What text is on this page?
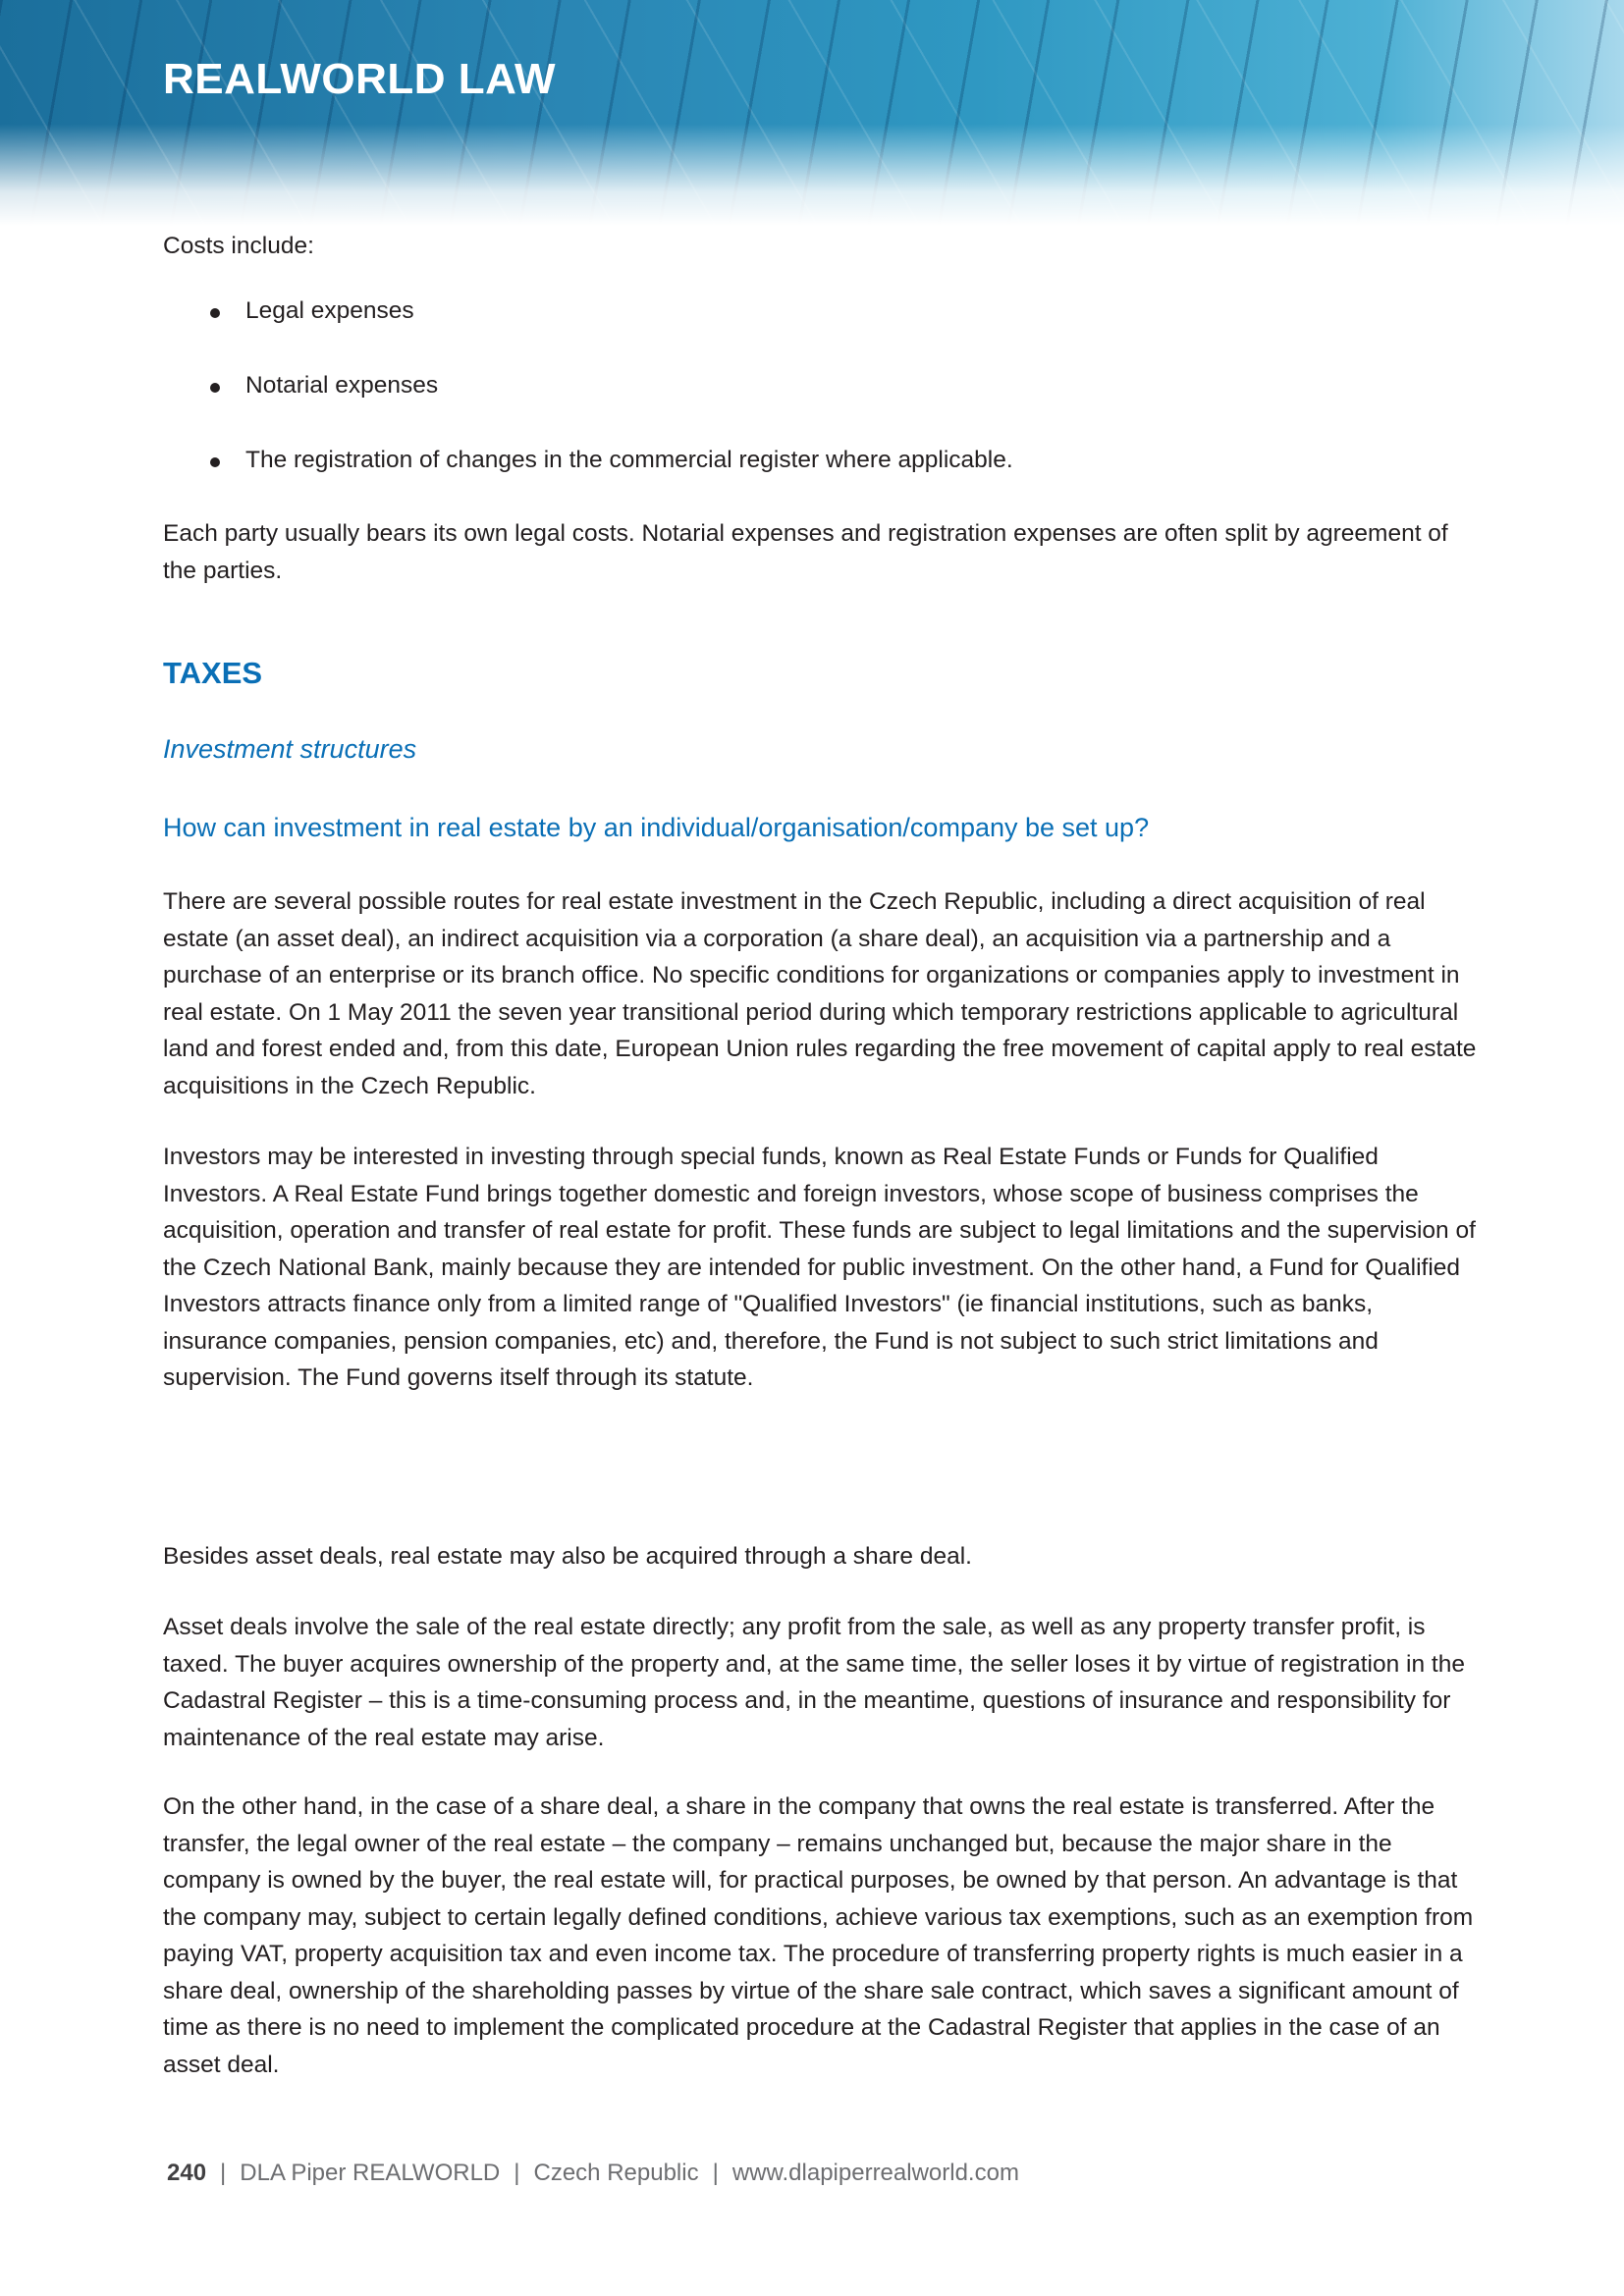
REALWORLD LAW
Costs include:
Legal expenses
Notarial expenses
The registration of changes in the commercial register where applicable.
Each party usually bears its own legal costs. Notarial expenses and registration expenses are often split by agreement of the parties.
TAXES
Investment structures
How can investment in real estate by an individual/organisation/company be set up?
There are several possible routes for real estate investment in the Czech Republic, including a direct acquisition of real estate (an asset deal), an indirect acquisition via a corporation (a share deal), an acquisition via a partnership and a purchase of an enterprise or its branch office. No specific conditions for organizations or companies apply to investment in real estate. On 1 May 2011 the seven year transitional period during which temporary restrictions applicable to agricultural land and forest ended and, from this date, European Union rules regarding the free movement of capital apply to real estate acquisitions in the Czech Republic.
Investors may be interested in investing through special funds, known as Real Estate Funds or Funds for Qualified Investors. A Real Estate Fund brings together domestic and foreign investors, whose scope of business comprises the acquisition, operation and transfer of real estate for profit. These funds are subject to legal limitations and the supervision of the Czech National Bank, mainly because they are intended for public investment. On the other hand, a Fund for Qualified Investors attracts finance only from a limited range of "Qualified Investors" (ie financial institutions, such as banks, insurance companies, pension companies, etc) and, therefore, the Fund is not subject to such strict limitations and supervision. The Fund governs itself through its statute.
Besides asset deals, real estate may also be acquired through a share deal.
Asset deals involve the sale of the real estate directly; any profit from the sale, as well as any property transfer profit, is taxed. The buyer acquires ownership of the property and, at the same time, the seller loses it by virtue of registration in the Cadastral Register – this is a time-consuming process and, in the meantime, questions of insurance and responsibility for maintenance of the real estate may arise.
On the other hand, in the case of a share deal, a share in the company that owns the real estate is transferred. After the transfer, the legal owner of the real estate – the company – remains unchanged but, because the major share in the company is owned by the buyer, the real estate will, for practical purposes, be owned by that person. An advantage is that the company may, subject to certain legally defined conditions, achieve various tax exemptions, such as an exemption from paying VAT, property acquisition tax and even income tax. The procedure of transferring property rights is much easier in a share deal, ownership of the shareholding passes by virtue of the share sale contract, which saves a significant amount of time as there is no need to implement the complicated procedure at the Cadastral Register that applies in the case of an asset deal.
240 | DLA Piper REALWORLD | Czech Republic | www.dlapiperrealworld.com
